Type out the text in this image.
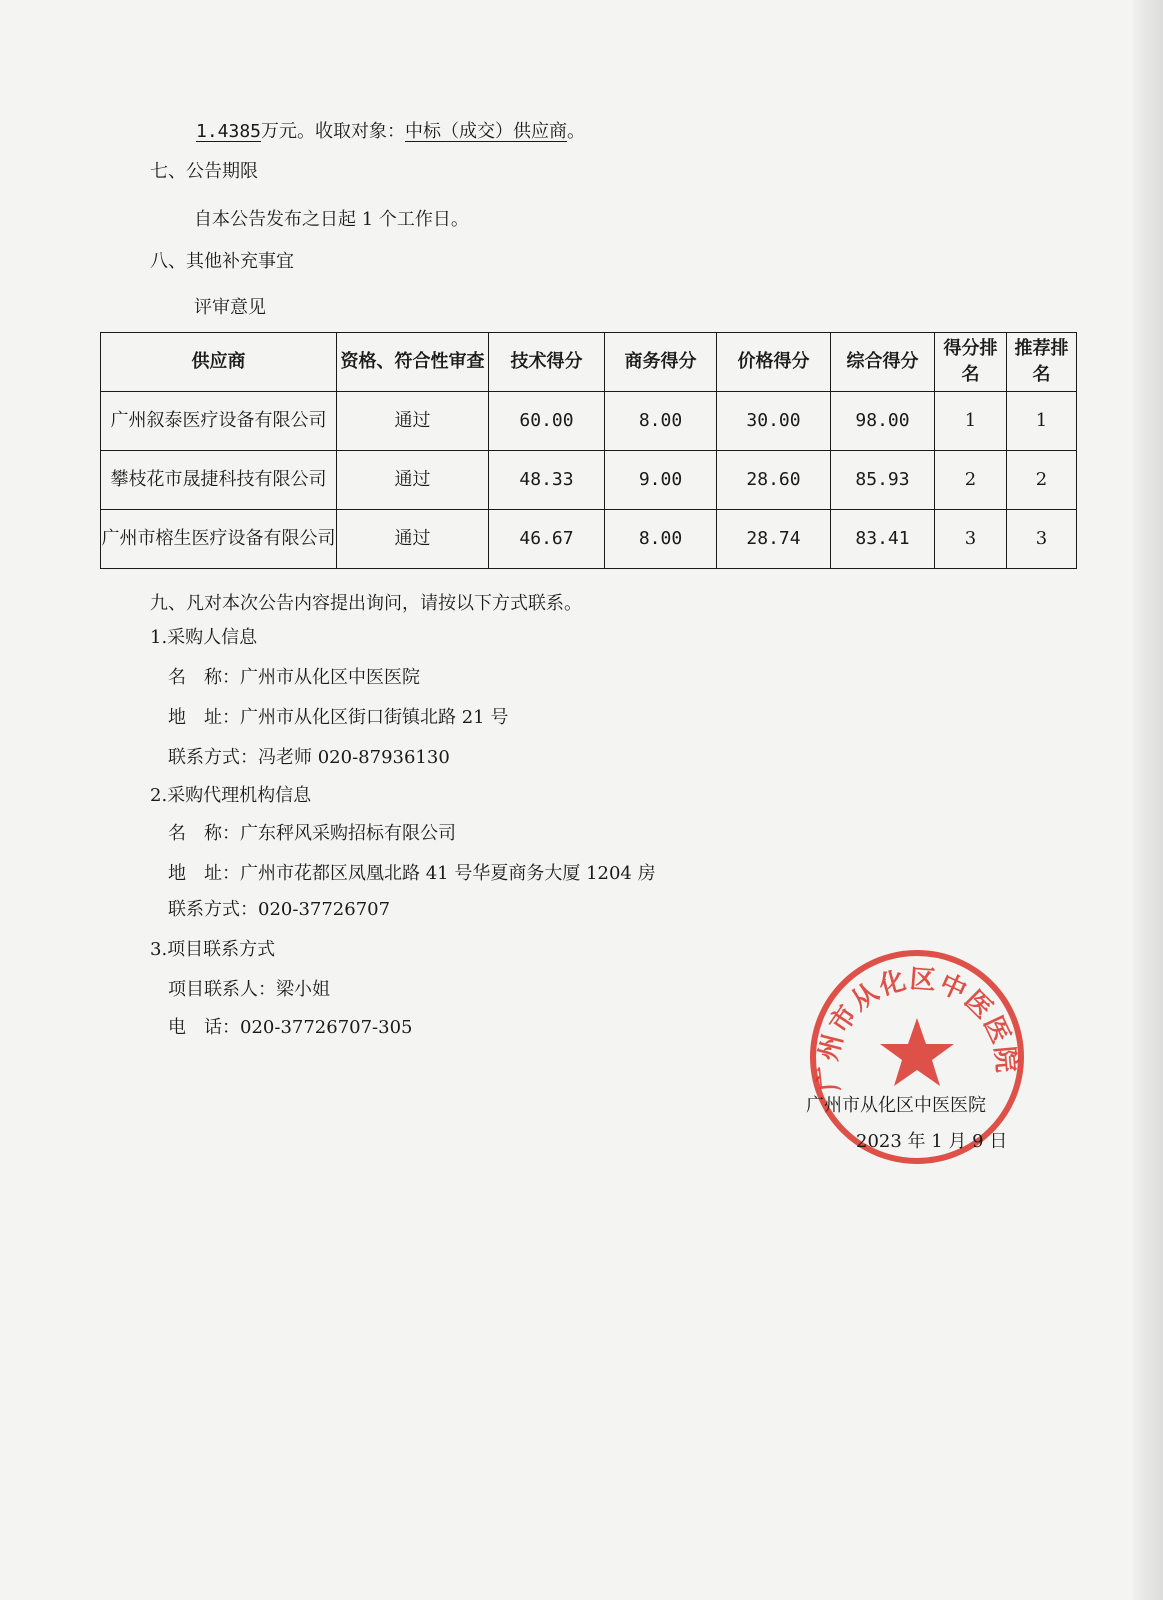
1.4385万元。收取对象：中标（成交）供应商。
七、公告期限
自本公告发布之日起 1 个工作日。
八、其他补充事宜
评审意见
供应商	资格、符合性审查	技术得分	商务得分	价格得分	综合得分	得分排名	推荐排名
广州叙泰医疗设备有限公司	通过	60.00	8.00	30.00	98.00	1	1
攀枝花市晟捷科技有限公司	通过	48.33	9.00	28.60	85.93	2	2
广州市榕生医疗设备有限公司	通过	46.67	8.00	28.74	83.41	3	3
九、凡对本次公告内容提出询问，请按以下方式联系。
1.采购人信息
名　称：广州市从化区中医医院
地　址：广州市从化区街口街镇北路 21 号
联系方式：冯老师 020-87936130
2.采购代理机构信息
名　称：广东秤风采购招标有限公司
地　址：广州市花都区凤凰北路 41 号华夏商务大厦 1204 房
联系方式：020-37726707
3.项目联系方式
项目联系人：梁小姐
电　话：020-37726707-305
广州市从化区中医医院
广州市从化区中医医院
2023 年 1 月 9 日
